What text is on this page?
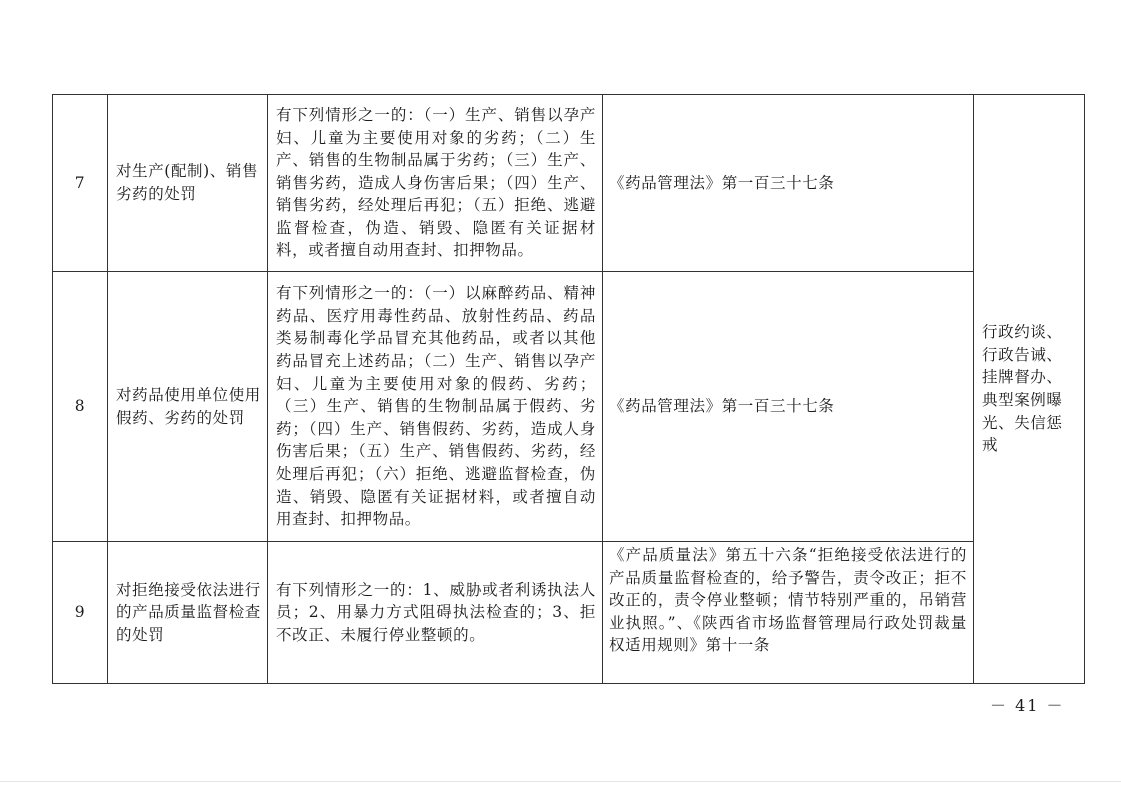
7	对生产(配制)、销售劣药的处罚	有下列情形之一的：（一）生产、销售以孕产妇、儿童为主要使用对象的劣药；（二）生产、销售的生物制品属于劣药；（三）生产、销售劣药，造成人身伤害后果；（四）生产、销售劣药，经处理后再犯；（五）拒绝、逃避监督检查，伪造、销毁、隐匿有关证据材料，或者擅自动用查封、扣押物品。	《药品管理法》第一百三十七条	行政约谈、行政告诫、挂牌督办、典型案例曝光、失信惩戒
8	对药品使用单位使用假药、劣药的处罚	有下列情形之一的：（一）以麻醉药品、精神药品、医疗用毒性药品、放射性药品、药品类易制毒化学品冒充其他药品，或者以其他药品冒充上述药品；（二）生产、销售以孕产妇、儿童为主要使用对象的假药、劣药；（三）生产、销售的生物制品属于假药、劣药；（四）生产、销售假药、劣药，造成人身伤害后果；（五）生产、销售假药、劣药，经处理后再犯；（六）拒绝、逃避监督检查，伪造、销毁、隐匿有关证据材料，或者擅自动用查封、扣押物品。	《药品管理法》第一百三十七条	
9	对拒绝接受依法进行的产品质量监督检查的处罚	有下列情形之一的：1、威胁或者利诱执法人员；2、用暴力方式阻碍执法检查的；3、拒不改正、未履行停业整顿的。	《产品质量法》第五十六条“拒绝接受依法进行的产品质量监督检查的，给予警告，责令改正；拒不改正的，责令停业整顿；情节特别严重的，吊销营业执照。”、《陕西省市场监督管理局行政处罚裁量权适用规则》第十一条	
－ 41 －
